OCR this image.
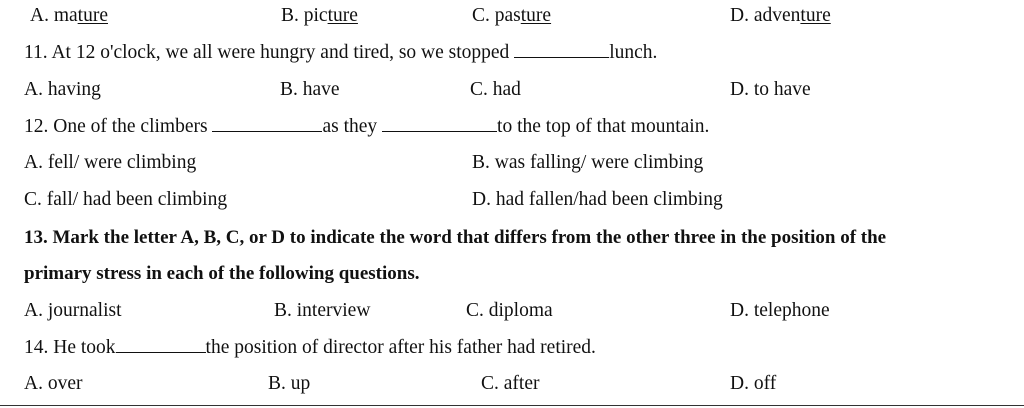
A. mature	B. picture	C. pasture	D. adventure
11. At 12 o'clock, we all were hungry and tired, so we stopped	lunch.
A. having	B. have	C. had	D. to have
12. One of the climbers	as they	to the top of that mountain.
A. fell/ were climbing	B. was falling/ were climbing
C. fall/ had been climbing	D. had fallen/had been climbing
13. Mark the letter A, B, C, or D to indicate the word that differs from the other three in the position of the
primary stress in each of the following questions.
A. journalist	B. interview	C. diploma	D. telephone
14. He took	the position of director after his father had retired.
A. over	B. up	C. after	D. off
